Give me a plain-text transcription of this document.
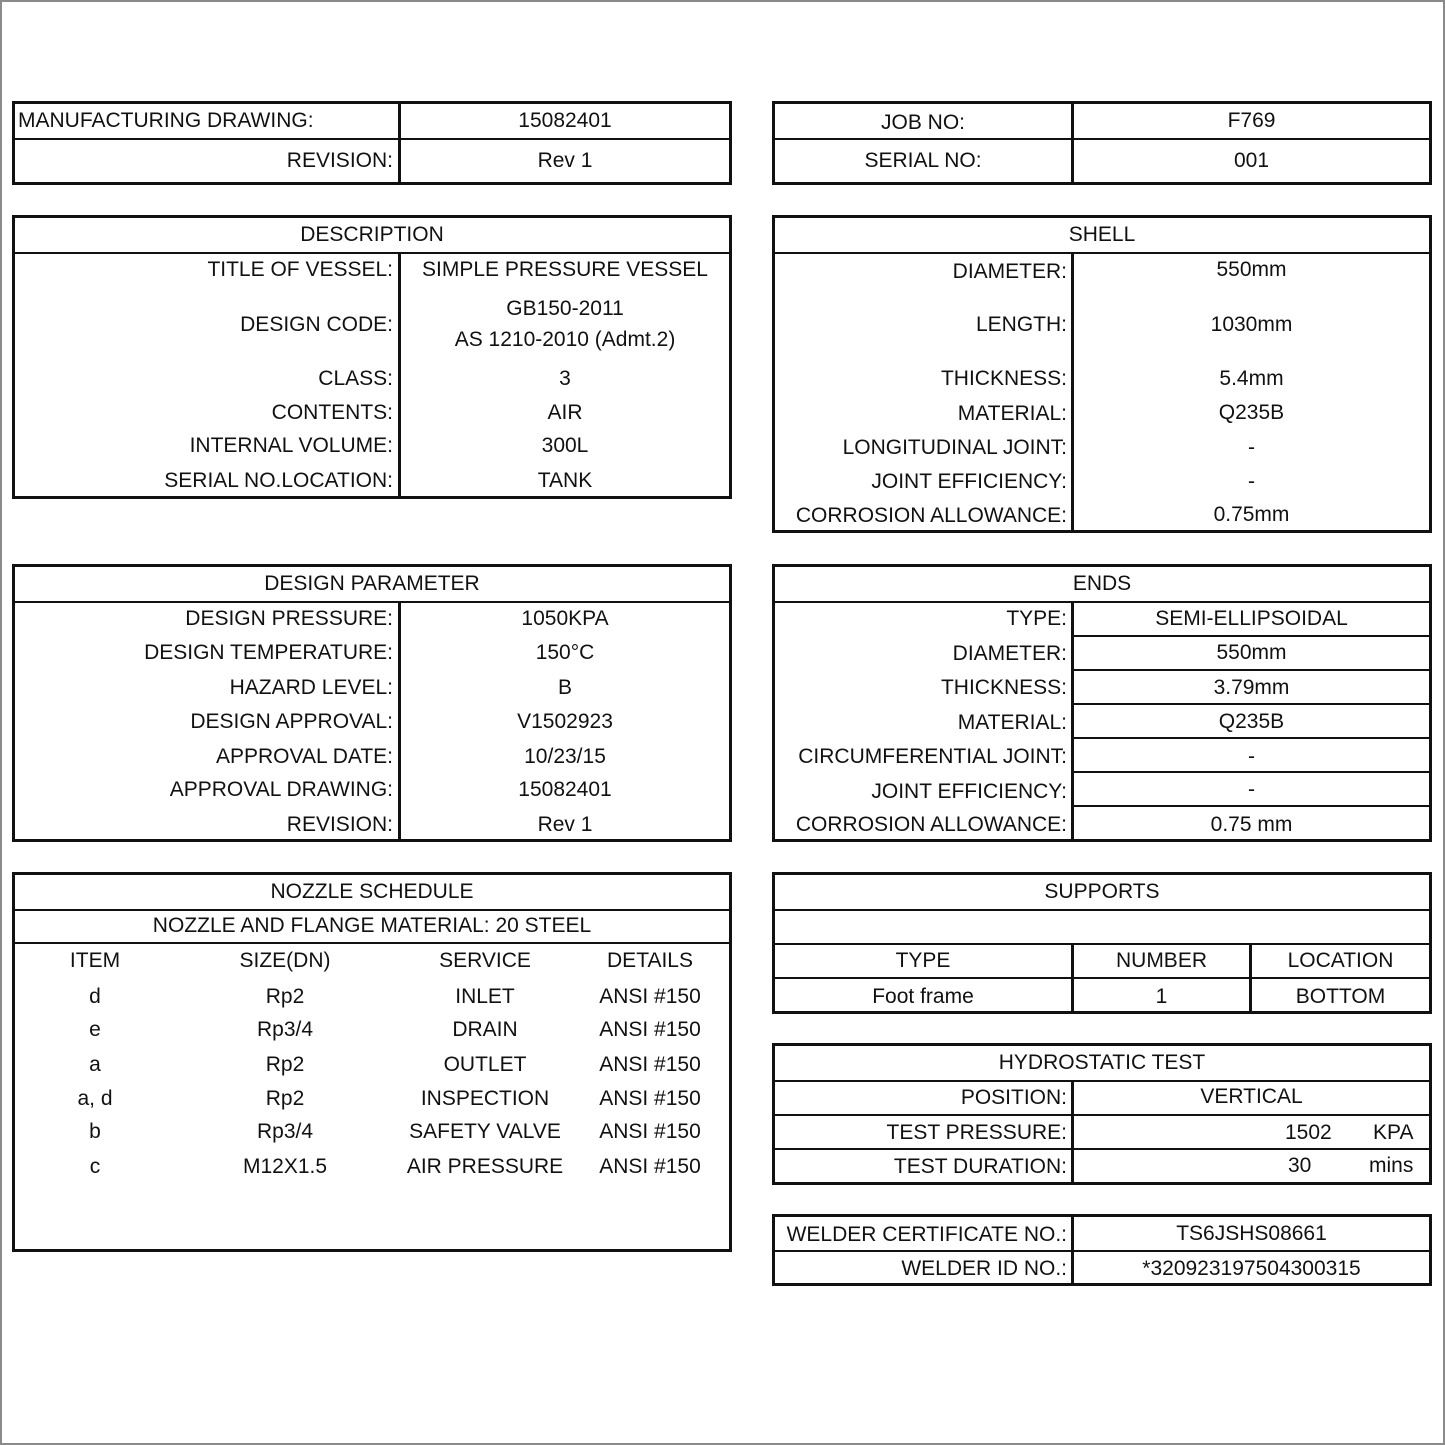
MANUFACTURING DRAWING:	15082401
REVISION:	Rev 1
JOB NO:	F769
SERIAL NO:	001
DESCRIPTION
TITLE OF VESSEL:	SIMPLE PRESSURE VESSEL
DESIGN CODE:
GB150-2011
AS 1210-2010 (Admt.2)
CLASS:	3
CONTENTS:	AIR
INTERNAL VOLUME:	300L
SERIAL NO.LOCATION:	TANK
SHELL
DIAMETER:	550mm
LENGTH:	1030mm
THICKNESS:	5.4mm
MATERIAL:	Q235B
LONGITUDINAL JOINT:	-
JOINT EFFICIENCY:	-
CORROSION ALLOWANCE:	0.75mm
DESIGN PARAMETER
DESIGN PRESSURE:	1050KPA
DESIGN TEMPERATURE:	150°C
HAZARD LEVEL:	B
DESIGN APPROVAL:	V1502923
APPROVAL DATE:	10/23/15
APPROVAL DRAWING:	15082401
REVISION:	Rev 1
ENDS
TYPE:	SEMI-ELLIPSOIDAL
DIAMETER:	550mm
THICKNESS:	3.79mm
MATERIAL:	Q235B
CIRCUMFERENTIAL JOINT:	-
JOINT EFFICIENCY:	-
CORROSION ALLOWANCE:	0.75 mm
NOZZLE SCHEDULE
NOZZLE AND FLANGE MATERIAL: 20 STEEL
ITEM	SIZE(DN)	SERVICE	DETAILS
d	Rp2	INLET	ANSI #150
e	Rp3/4	DRAIN	ANSI #150
a	Rp2	OUTLET	ANSI #150
a, d	Rp2	INSPECTION	ANSI #150
b	Rp3/4	SAFETY VALVE	ANSI #150
c	M12X1.5	AIR PRESSURE	ANSI #150
SUPPORTS
TYPE	NUMBER	LOCATION
Foot frame	1	BOTTOM
HYDROSTATIC TEST
POSITION:	VERTICAL
TEST PRESSURE:	1502 KPA
TEST DURATION:	30	mins
WELDER CERTIFICATE NO.:	TS6JSHS08661
WELDER ID NO.:	*320923197504300315
